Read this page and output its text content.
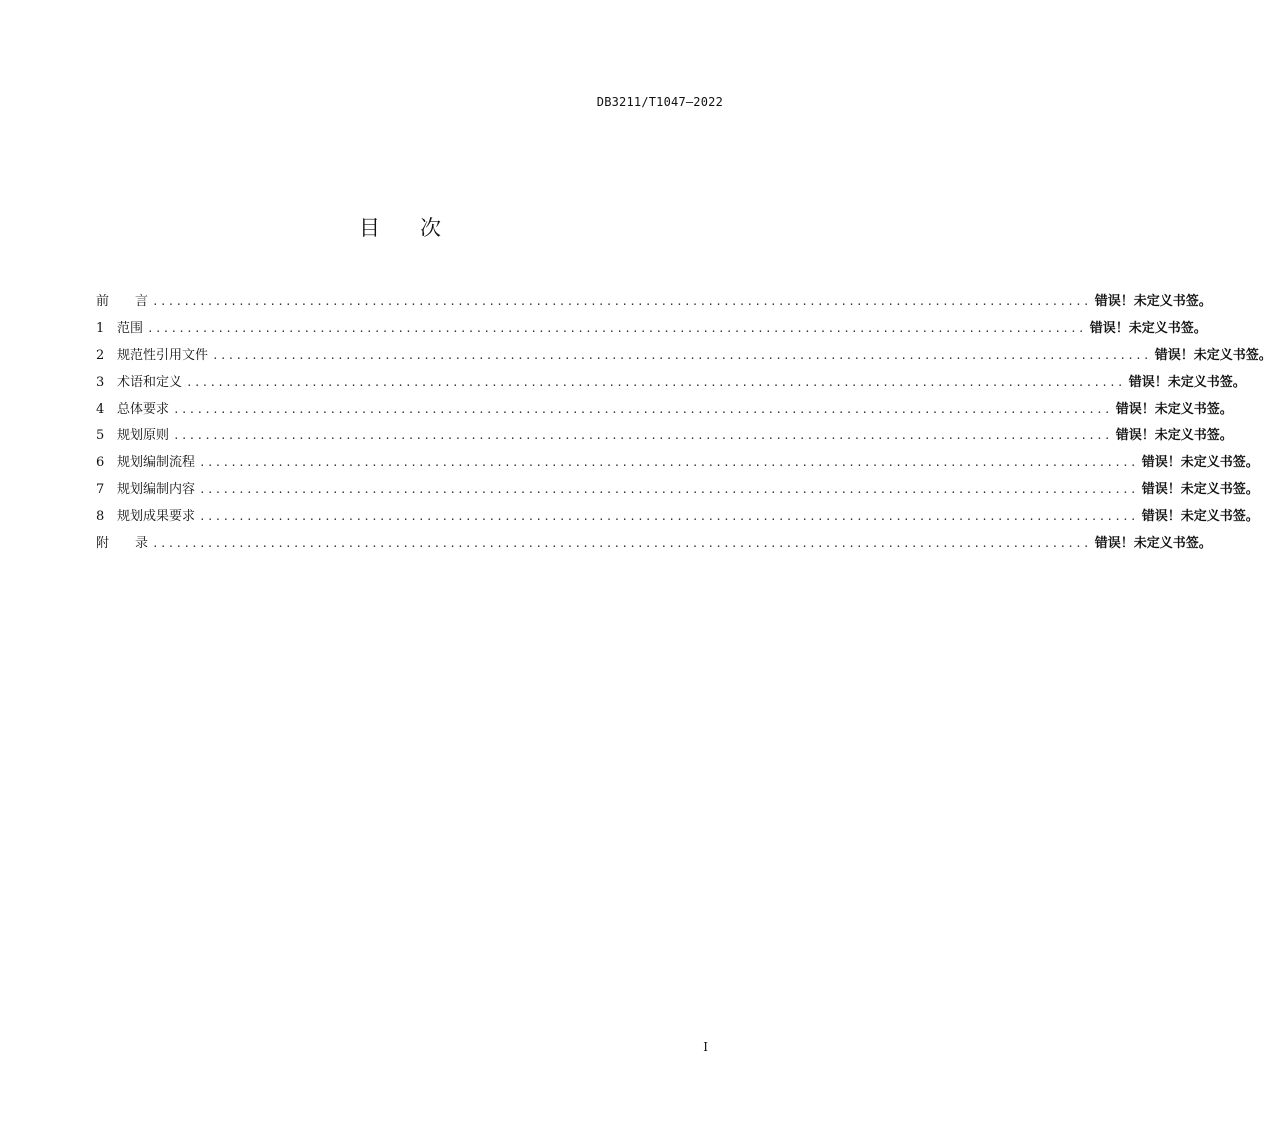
DB3211/T1047—2022
目 次
前 言 ........................................................................................................................ 错误！未定义书签。
1 范围 ........................................................................................................................ 错误！未定义书签。
2 规范性引用文件 ........................................................................................................................ 错误！未定义书签。
3 术语和定义 ........................................................................................................................ 错误！未定义书签。
4 总体要求 ........................................................................................................................ 错误！未定义书签。
5 规划原则 ........................................................................................................................ 错误！未定义书签。
6 规划编制流程 ........................................................................................................................ 错误！未定义书签。
7 规划编制内容 ........................................................................................................................ 错误！未定义书签。
8 规划成果要求 ........................................................................................................................ 错误！未定义书签。
附 录 ........................................................................................................................ 错误！未定义书签。
I
